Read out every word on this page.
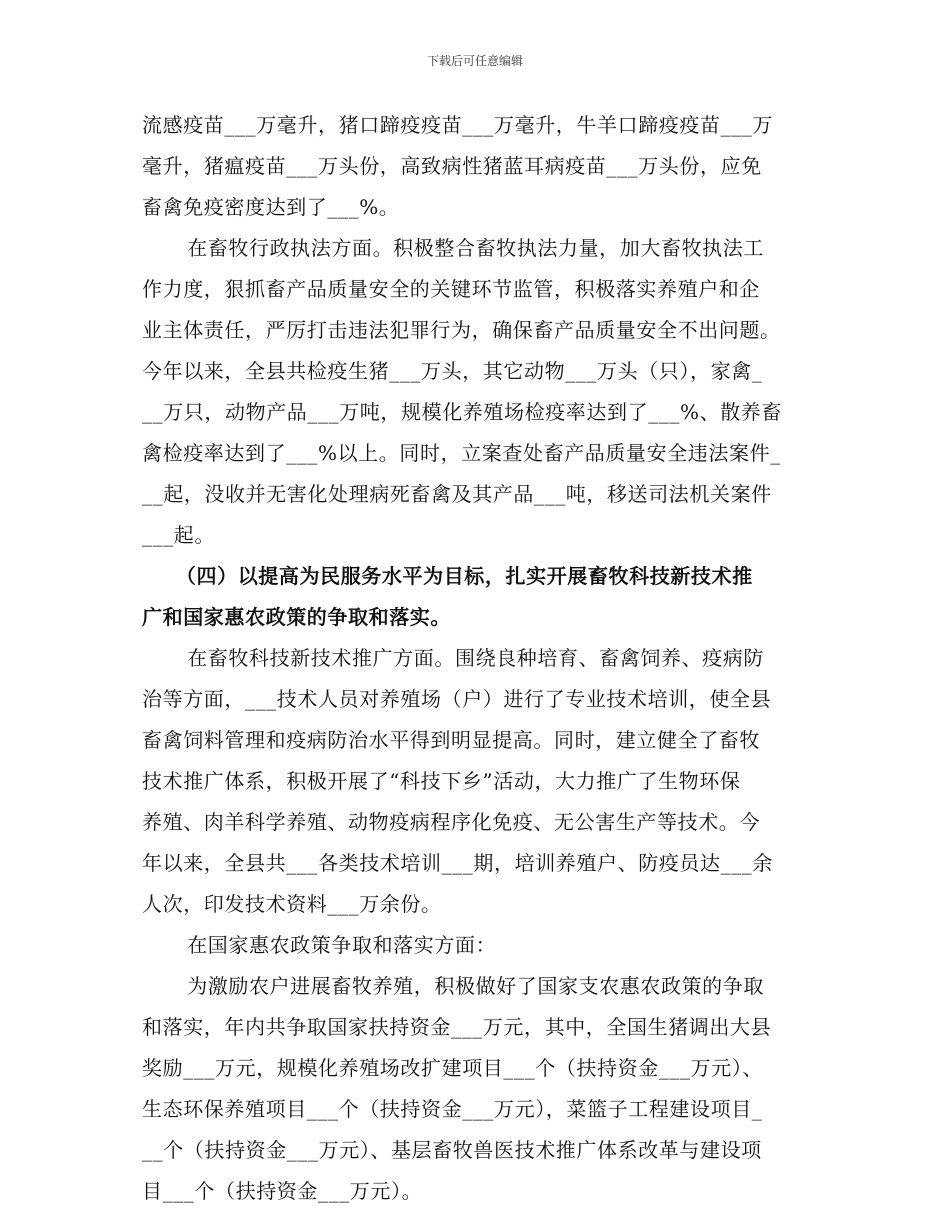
下载后可任意编辑
流感疫苗___万毫升，猪口蹄疫疫苗___万毫升，牛羊口蹄疫疫苗___万
毫升，猪瘟疫苗___万头份，高致病性猪蓝耳病疫苗___万头份，应免
畜禽免疫密度达到了___%。
在畜牧行政执法方面。积极整合畜牧执法力量，加大畜牧执法工
作力度，狠抓畜产品质量安全的关键环节监管，积极落实养殖户和企
业主体责任，严厉打击违法犯罪行为，确保畜产品质量安全不出问题。
今年以来，全县共检疫生猪___万头，其它动物___万头（只），家禽_
__万只，动物产品___万吨，规模化养殖场检疫率达到了___%、散养畜
禽检疫率达到了___%以上。同时，立案查处畜产品质量安全违法案件_
__起，没收并无害化处理病死畜禽及其产品___吨，移送司法机关案件
___起。
（四）以提高为民服务水平为目标，扎实开展畜牧科技新技术推
广和国家惠农政策的争取和落实。
在畜牧科技新技术推广方面。围绕良种培育、畜禽饲养、疫病防
治等方面，___技术人员对养殖场（户）进行了专业技术培训，使全县
畜禽饲料管理和疫病防治水平得到明显提高。同时，建立健全了畜牧
技术推广体系，积极开展了“科技下乡”活动，大力推广了生物环保
养殖、肉羊科学养殖、动物疫病程序化免疫、无公害生产等技术。今
年以来，全县共___各类技术培训___期，培训养殖户、防疫员达___余
人次，印发技术资料___万余份。
在国家惠农政策争取和落实方面：
为激励农户进展畜牧养殖，积极做好了国家支农惠农政策的争取
和落实，年内共争取国家扶持资金___万元，其中，全国生猪调出大县
奖励___万元，规模化养殖场改扩建项目___个（扶持资金___万元）、
生态环保养殖项目___个（扶持资金___万元），菜篮子工程建设项目_
__个（扶持资金___万元）、基层畜牧兽医技术推广体系改革与建设项
目___个（扶持资金___万元）。
